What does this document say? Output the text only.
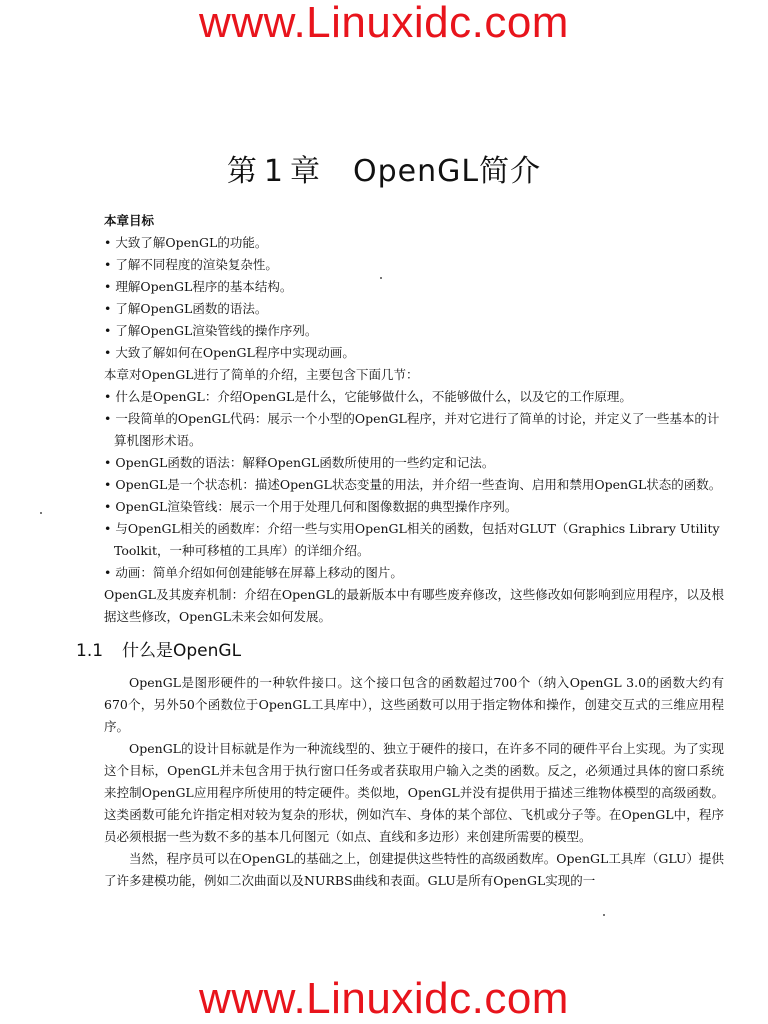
www.Linuxidc.com
第 1 章 OpenGL简介
本章目标
• 大致了解OpenGL的功能。
• 了解不同程度的渲染复杂性。
• 理解OpenGL程序的基本结构。
• 了解OpenGL函数的语法。
• 了解OpenGL渲染管线的操作序列。
• 大致了解如何在OpenGL程序中实现动画。
本章对OpenGL进行了简单的介绍，主要包含下面几节：
• 什么是OpenGL：介绍OpenGL是什么，它能够做什么，不能够做什么，以及它的工作原理。
• 一段简单的OpenGL代码：展示一个小型的OpenGL程序，并对它进行了简单的讨论，并定义了一些基本的计算机图形术语。
• OpenGL函数的语法：解释OpenGL函数所使用的一些约定和记法。
• OpenGL是一个状态机：描述OpenGL状态变量的用法，并介绍一些查询、启用和禁用OpenGL状态的函数。
• OpenGL渲染管线：展示一个用于处理几何和图像数据的典型操作序列。
• 与OpenGL相关的函数库：介绍一些与实用OpenGL相关的函数，包括对GLUT（Graphics Library Utility Toolkit，一种可移植的工具库）的详细介绍。
• 动画：简单介绍如何创建能够在屏幕上移动的图片。
OpenGL及其废弃机制：介绍在OpenGL的最新版本中有哪些废弃修改，这些修改如何影响到应用程序，以及根据这些修改，OpenGL未来会如何发展。
1.1 什么是OpenGL
OpenGL是图形硬件的一种软件接口。这个接口包含的函数超过700个（纳入OpenGL 3.0的函数大约有670个，另外50个函数位于OpenGL工具库中），这些函数可以用于指定物体和操作，创建交互式的三维应用程序。
OpenGL的设计目标就是作为一种流线型的、独立于硬件的接口，在许多不同的硬件平台上实现。为了实现这个目标，OpenGL并未包含用于执行窗口任务或者获取用户输入之类的函数。反之，必须通过具体的窗口系统来控制OpenGL应用程序所使用的特定硬件。类似地，OpenGL并没有提供用于描述三维物体模型的高级函数。这类函数可能允许指定相对较为复杂的形状，例如汽车、身体的某个部位、飞机或分子等。在OpenGL中，程序员必须根据一些为数不多的基本几何图元（如点、直线和多边形）来创建所需要的模型。
当然，程序员可以在OpenGL的基础之上，创建提供这些特性的高级函数库。OpenGL工具库（GLU）提供了许多建模功能，例如二次曲面以及NURBS曲线和表面。GLU是所有OpenGL实现的一
www.Linuxidc.com
